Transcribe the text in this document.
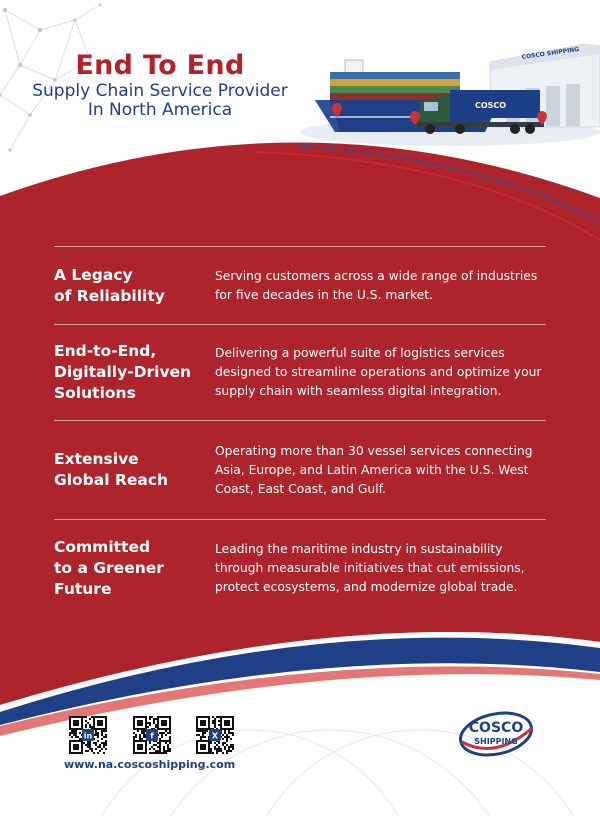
End To End
Supply Chain Service Provider
In North America
COSCO SHIPPING
COSCO
A Legacy
of Reliability
Serving customers across a wide range of industries for five decades in the U.S. market.
End-to-End,
Digitally-Driven
Solutions
Delivering a powerful suite of logistics services designed to streamline operations and optimize your supply chain with seamless digital integration.
Extensive
Global Reach
Operating more than 30 vessel services connecting Asia, Europe, and Latin America with the U.S. West Coast, East Coast, and Gulf.
Committed
to a Greener
Future
Leading the maritime industry in sustainability through measurable initiatives that cut emissions, protect ecosystems, and modernize global trade.
in	f	X
www.na.coscoshipping.com
COSCO
SHIPPING
